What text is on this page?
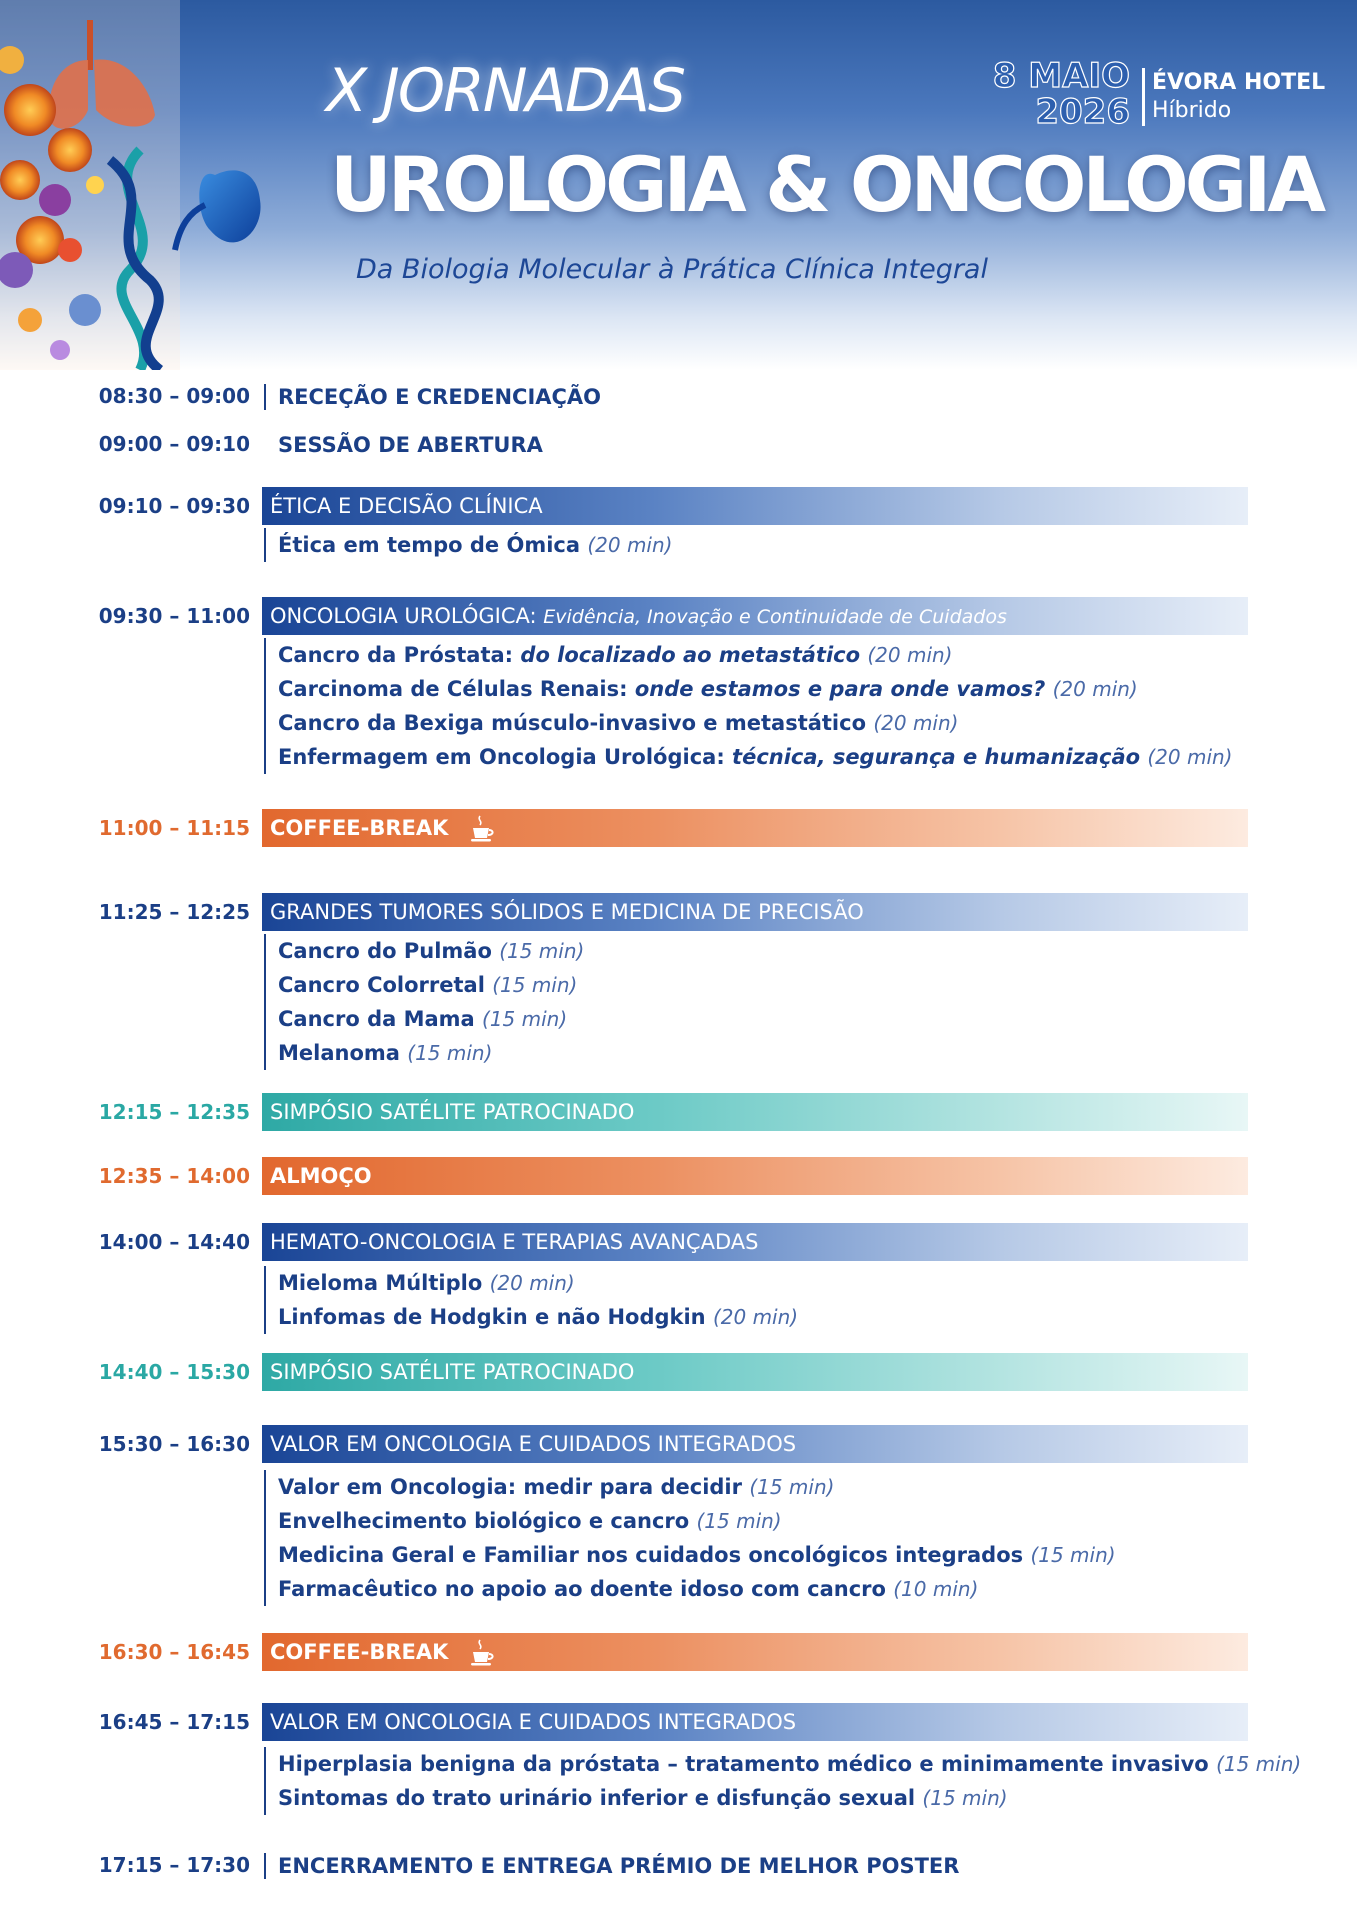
X JORNADAS
UROLOGIA & ONCOLOGIA
Da Biologia Molecular à Prática Clínica Integral
8 MAIO
2026
ÉVORA HOTEL
Híbrido
08:30 – 09:00	RECEÇÃO E CREDENCIAÇÃO
09:00 – 09:10	SESSÃO DE ABERTURA
09:10 – 09:30 ÉTICA E DECISÃO CLÍNICA
Ética em tempo de Ómica (20 min)
09:30 – 11:00 ONCOLOGIA UROLÓGICA: Evidência, Inovação e Continuidade de Cuidados
Cancro da Próstata: do localizado ao metastático (20 min)
Carcinoma de Células Renais: onde estamos e para onde vamos? (20 min)
Cancro da Bexiga músculo-invasivo e metastático (20 min)
Enfermagem em Oncologia Urológica: técnica, segurança e humanização (20 min)
11:00 – 11:15 COFFEE-BREAK
11:25 – 12:25 GRANDES TUMORES SÓLIDOS E MEDICINA DE PRECISÃO
Cancro do Pulmão (15 min)
Cancro Colorretal (15 min)
Cancro da Mama (15 min)
Melanoma (15 min)
12:15 – 12:35 SIMPÓSIO SATÉLITE PATROCINADO
12:35 – 14:00 ALMOÇO
14:00 – 14:40 HEMATO-ONCOLOGIA E TERAPIAS AVANÇADAS
Mieloma Múltiplo (20 min)
Linfomas de Hodgkin e não Hodgkin (20 min)
14:40 – 15:30 SIMPÓSIO SATÉLITE PATROCINADO
15:30 – 16:30 VALOR EM ONCOLOGIA E CUIDADOS INTEGRADOS
Valor em Oncologia: medir para decidir (15 min)
Envelhecimento biológico e cancro (15 min)
Medicina Geral e Familiar nos cuidados oncológicos integrados (15 min)
Farmacêutico no apoio ao doente idoso com cancro (10 min)
16:30 – 16:45 COFFEE-BREAK
16:45 – 17:15 VALOR EM ONCOLOGIA E CUIDADOS INTEGRADOS
Hiperplasia benigna da próstata – tratamento médico e minimamente invasivo (15 min)
Sintomas do trato urinário inferior e disfunção sexual (15 min)
17:15 – 17:30	ENCERRAMENTO E ENTREGA PRÉMIO DE MELHOR POSTER
